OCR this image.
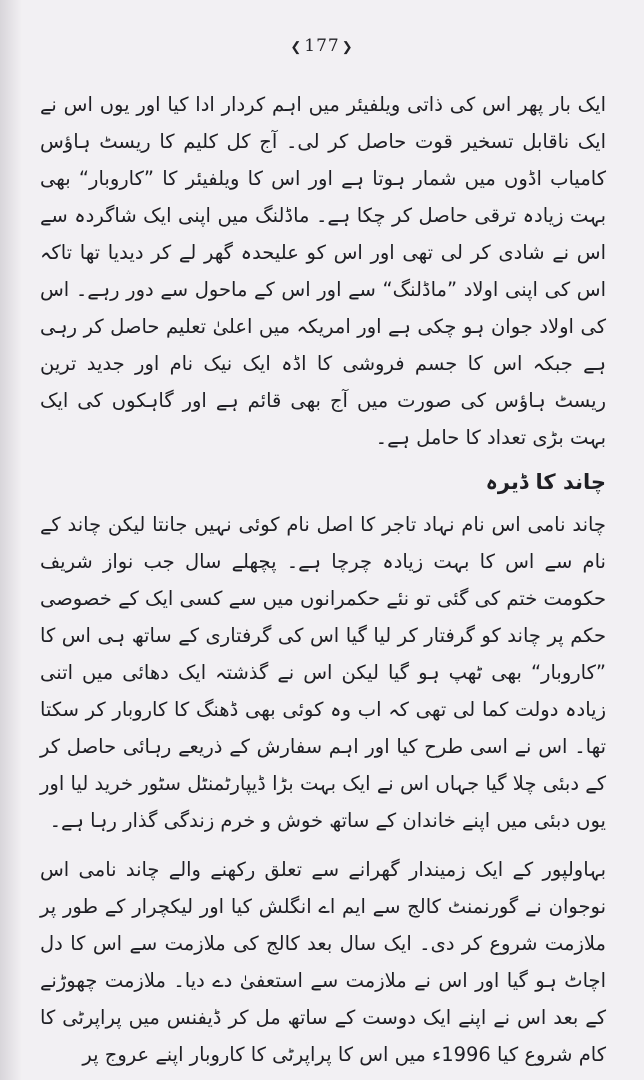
❮ 177 ❯

ایک بار پھر اس کی ذاتی ویلفیئر میں اہم کردار ادا کیا اور یوں اس نے ایک ناقابل تسخیر قوت حاصل کر لی۔ آج کل کلیم کا ریسٹ ہاؤس کامیاب اڈوں میں شمار ہوتا ہے اور اس کا ویلفیئر کا ”کاروبار“ بھی بہت زیادہ ترقی حاصل کر چکا ہے۔ ماڈلنگ میں اپنی ایک شاگردہ سے اس نے شادی کر لی تھی اور اس کو علیحدہ گھر لے کر دیدیا تھا تاکہ اس کی اپنی اولاد ”ماڈلنگ“ سے اور اس کے ماحول سے دور رہے۔ اس کی اولاد جوان ہو چکی ہے اور امریکہ میں اعلیٰ تعلیم حاصل کر رہی ہے جبکہ اس کا جسم فروشی کا اڈہ ایک نیک نام اور جدید ترین ریسٹ ہاؤس کی صورت میں آج بھی قائم ہے اور گاہکوں کی ایک بہت بڑی تعداد کا حامل ہے۔

چاند کا ڈیرہ

چاند نامی اس نام نہاد تاجر کا اصل نام کوئی نہیں جانتا لیکن چاند کے نام سے اس کا بہت زیادہ چرچا ہے۔ پچھلے سال جب نواز شریف حکومت ختم کی گئی تو نئے حکمرانوں میں سے کسی ایک کے خصوصی حکم پر چاند کو گرفتار کر لیا گیا اس کی گرفتاری کے ساتھ ہی اس کا ”کاروبار“ بھی ٹھپ ہو گیا لیکن اس نے گذشتہ ایک دھائی میں اتنی زیادہ دولت کما لی تھی کہ اب وہ کوئی بھی ڈھنگ کا کاروبار کر سکتا تھا۔ اس نے اسی طرح کیا اور اہم سفارش کے ذریعے رہائی حاصل کر کے دبئی چلا گیا جہاں اس نے ایک بہت بڑا ڈیپارٹمنٹل سٹور خرید لیا اور یوں دبئی میں اپنے خاندان کے ساتھ خوش و خرم زندگی گذار رہا ہے۔

بہاولپور کے ایک زمیندار گھرانے سے تعلق رکھنے والے چاند نامی اس نوجوان نے گورنمنٹ کالج سے ایم اے انگلش کیا اور لیکچرار کے طور پر ملازمت شروع کر دی۔ ایک سال بعد کالج کی ملازمت سے اس کا دل اچاٹ ہو گیا اور اس نے ملازمت سے استعفیٰ دے دیا۔ ملازمت چھوڑنے کے بعد اس نے اپنے ایک دوست کے ساتھ مل کر ڈیفنس میں پراپرٹی کا کام شروع کیا 1996ء میں اس کا پراپرٹی کا کاروبار اپنے عروج پر
